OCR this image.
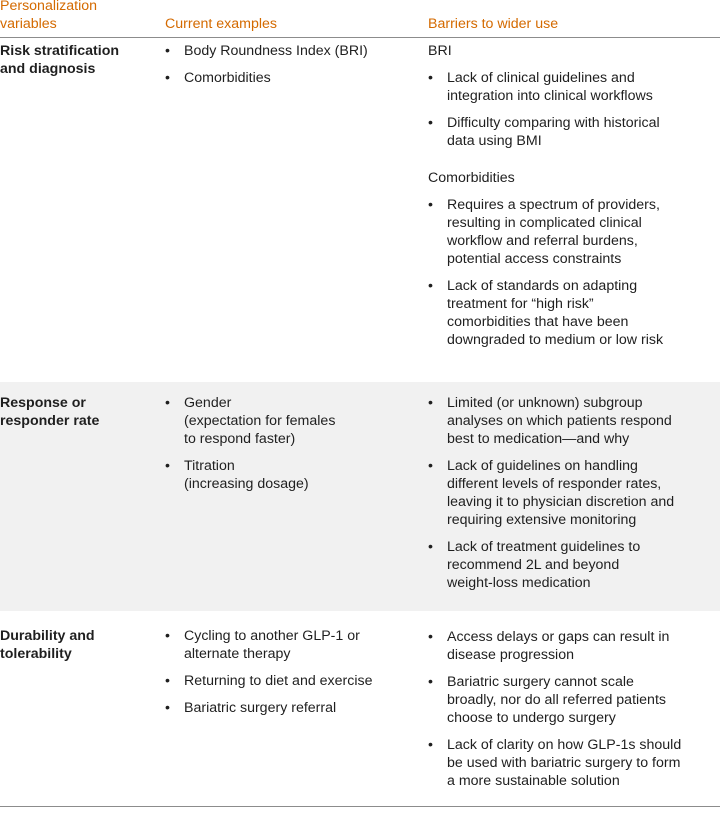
Personalization
variables	Current examples	Barriers to wider use
Risk stratification
and diagnosis
• Body Roundness Index (BRI)
• Comorbidities
BRI
• Lack of clinical guidelines and
integration into clinical workflows
• Difficulty comparing with historical
data using BMI
Comorbidities
• Requires a spectrum of providers,
resulting in complicated clinical
workflow and referral burdens,
potential access constraints
• Lack of standards on adapting
treatment for “high risk”
comorbidities that have been
downgraded to medium or low risk
Response or
responder rate
• Gender
(expectation for females
to respond faster)
• Titration
(increasing dosage)
• Limited (or unknown) subgroup
analyses on which patients respond
best to medication—and why
• Lack of guidelines on handling
different levels of responder rates,
leaving it to physician discretion and
requiring extensive monitoring
• Lack of treatment guidelines to
recommend 2L and beyond
weight-loss medication
Durability and
tolerability
• Cycling to another GLP-1 or
alternate therapy
• Returning to diet and exercise
• Bariatric surgery referral
• Access delays or gaps can result in
disease progression
• Bariatric surgery cannot scale
broadly, nor do all referred patients
choose to undergo surgery
• Lack of clarity on how GLP-1s should
be used with bariatric surgery to form
a more sustainable solution
